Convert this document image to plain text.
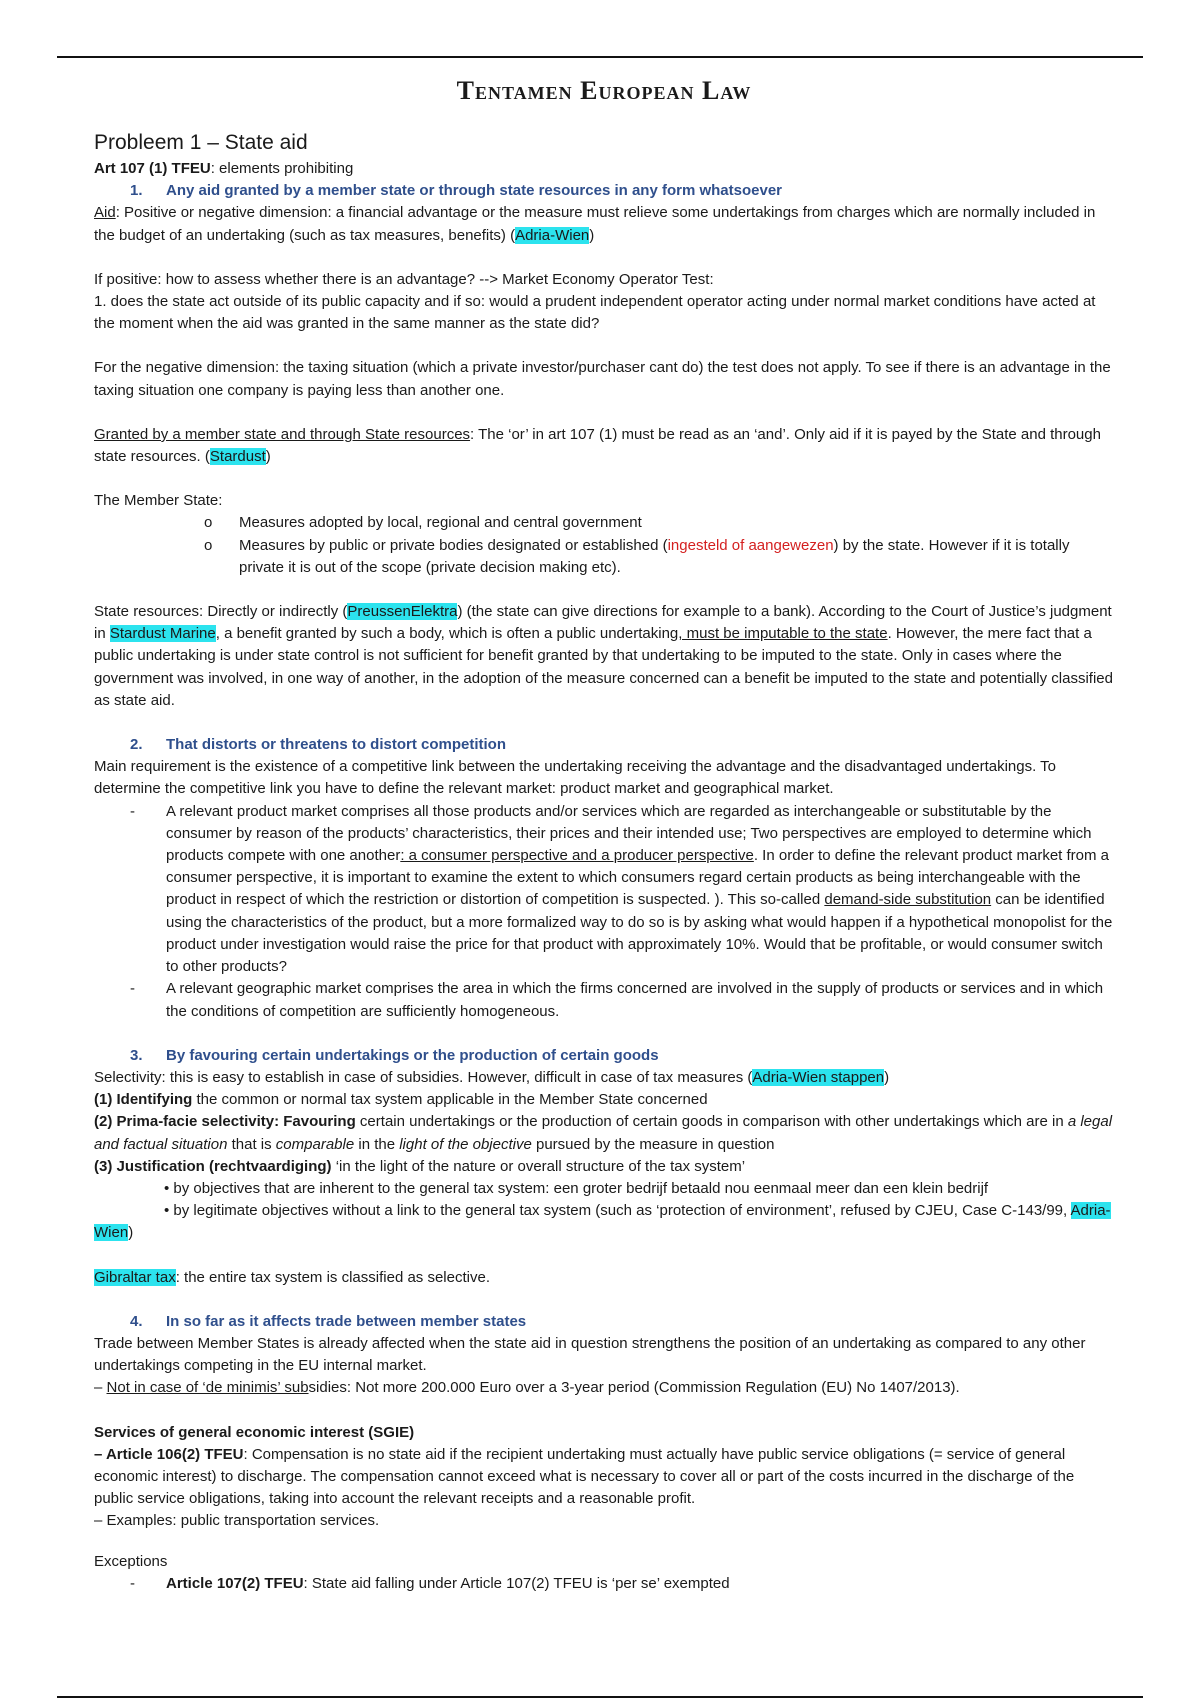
Tentamen European Law
Probleem 1 – State aid

Art 107 (1) TFEU: elements prohibiting

1. Any aid granted by a member state or through state resources in any form whatsoever

Aid: Positive or negative dimension: a financial advantage or the measure must relieve some undertakings from charges which are normally included in the budget of an undertaking (such as tax measures, benefits) (Adria-Wien)

If positive: how to assess whether there is an advantage? --> Market Economy Operator Test:

1. does the state act outside of its public capacity and if so: would a prudent independent operator acting under normal market conditions have acted at the moment when the aid was granted in the same manner as the state did?

For the negative dimension: the taxing situation (which a private investor/purchaser cant do) the test does not apply. To see if there is an advantage in the taxing situation one company is paying less than another one.

Granted by a member state and through State resources: The ‘or’ in art 107 (1) must be read as an ‘and’. Only aid if it is payed by the State and through state resources. (Stardust)

The Member State:

o	Measures adopted by local, regional and central government

o	Measures by public or private bodies designated or established (ingesteld of aangewezen) by the state. However if it is totally private it is out of the scope (private decision making etc).

State resources: Directly or indirectly (PreussenElektra) (the state can give directions for example to a bank). According to the Court of Justice’s judgment in Stardust Marine, a benefit granted by such a body, which is often a public undertaking, must be imputable to the state. However, the mere fact that a public undertaking is under state control is not sufficient for benefit granted by that undertaking to be imputed to the state. Only in cases where the government was involved, in one way of another, in the adoption of the measure concerned can a benefit be imputed to the state and potentially classified as state aid.

2. That distorts or threatens to distort competition

Main requirement is the existence of a competitive link between the undertaking receiving the advantage and the disadvantaged undertakings. To determine the competitive link you have to define the relevant market: product market and geographical market.

- A relevant product market comprises all those products and/or services which are regarded as interchangeable or substitutable by the consumer by reason of the products’ characteristics, their prices and their intended use; Two perspectives are employed to determine which products compete with one another: a consumer perspective and a producer perspective. In order to define the relevant product market from a consumer perspective, it is important to examine the extent to which consumers regard certain products as being interchangeable with the product in respect of which the restriction or distortion of competition is suspected. ). This so-called demand-side substitution can be identified using the characteristics of the product, but a more formalized way to do so is by asking what would happen if a hypothetical monopolist for the product under investigation would raise the price for that product with approximately 10%. Would that be profitable, or would consumer switch to other products?

- A relevant geographic market comprises the area in which the firms concerned are involved in the supply of products or services and in which the conditions of competition are sufficiently homogeneous.

3. By favouring certain undertakings or the production of certain goods

Selectivity: this is easy to establish in case of subsidies. However, difficult in case of tax measures (Adria-Wien stappen)

(1) Identifying the common or normal tax system applicable in the Member State concerned

(2) Prima-facie selectivity: Favouring certain undertakings or the production of certain goods in comparison with other undertakings which are in a legal and factual situation that is comparable in the light of the objective pursued by the measure in question

(3) Justification (rechtvaardiging) ‘in the light of the nature or overall structure of the tax system’

• by objectives that are inherent to the general tax system: een groter bedrijf betaald nou eenmaal meer dan een klein bedrijf

• by legitimate objectives without a link to the general tax system (such as ‘protection of environment’, refused by CJEU, Case C-143/99, Adria-Wien)

Gibraltar tax: the entire tax system is classified as selective.

4. In so far as it affects trade between member states

Trade between Member States is already affected when the state aid in question strengthens the position of an undertaking as compared to any other undertakings competing in the EU internal market.

– Not in case of ‘de minimis’ subsidies: Not more 200.000 Euro over a 3-year period (Commission Regulation (EU) No 1407/2013).

Services of general economic interest (SGIE)

– Article 106(2) TFEU: Compensation is no state aid if the recipient undertaking must actually have public service obligations (= service of general economic interest) to discharge. The compensation cannot exceed what is necessary to cover all or part of the costs incurred in the discharge of the public service obligations, taking into account the relevant receipts and a reasonable profit.

– Examples: public transportation services.

Exceptions

- Article 107(2) TFEU: State aid falling under Article 107(2) TFEU is ‘per se’ exempted
